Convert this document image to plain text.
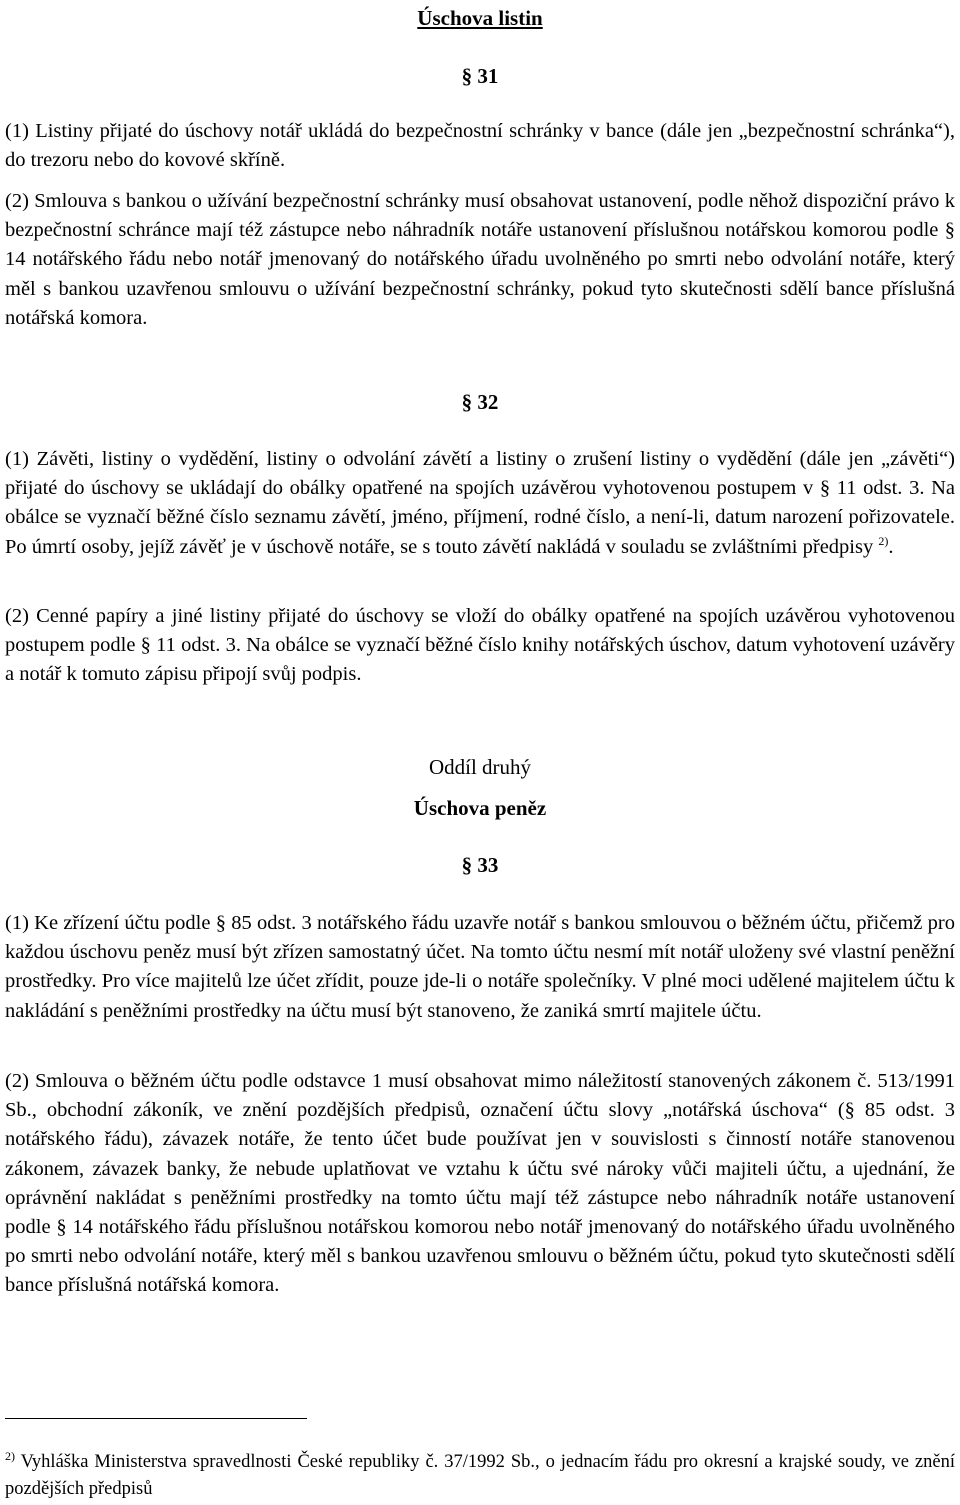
Úschova listin
§ 31

(1) Listiny přijaté do úschovy notář ukládá do bezpečnostní schránky v bance (dále jen „bezpečnostní schránka“), do trezoru nebo do kovové skříně.

(2) Smlouva s bankou o užívání bezpečnostní schránky musí obsahovat ustanovení, podle něhož dispoziční právo k bezpečnostní schránce mají též zástupce nebo náhradník notáře ustanovení příslušnou notářskou komorou podle § 14 notářského řádu nebo notář jmenovaný do notářského úřadu uvolněného po smrti nebo odvolání notáře, který měl s bankou uzavřenou smlouvu o užívání bezpečnostní schránky, pokud tyto skutečnosti sdělí bance příslušná notářská komora.

§ 32

(1) Závěti, listiny o vydědění, listiny o odvolání závětí a listiny o zrušení listiny o vydědění (dále jen „závěti“) přijaté do úschovy se ukládají do obálky opatřené na spojích uzávěrou vyhotovenou postupem v § 11 odst. 3. Na obálce se vyznačí běžné číslo seznamu závětí, jméno, příjmení, rodné číslo, a není-li, datum narození pořizovatele. Po úmrtí osoby, jejíž závěť je v úschově notáře, se s touto závětí nakládá v souladu se zvláštními předpisy $^{2)}$.

(2) Cenné papíry a jiné listiny přijaté do úschovy se vloží do obálky opatřené na spojích uzávěrou vyhotovenou postupem podle § 11 odst. 3. Na obálce se vyznačí běžné číslo knihy notářských úschov, datum vyhotovení uzávěry a notář k tomuto zápisu připojí svůj podpis.

Oddíl druhý
Úschova peněz
§ 33

(1) Ke zřízení účtu podle § 85 odst. 3 notářského řádu uzavře notář s bankou smlouvou o běžném účtu, přičemž pro každou úschovu peněz musí být zřízen samostatný účet. Na tomto účtu nesmí mít notář uloženy své vlastní peněžní prostředky. Pro více majitelů lze účet zřídit, pouze jde-li o notáře společníky. V plné moci udělené majitelem účtu k nakládání s peněžními prostředky na účtu musí být stanoveno, že zaniká smrtí majitele účtu.

(2) Smlouva o běžném účtu podle odstavce 1 musí obsahovat mimo náležitostí stanovených zákonem č. 513/1991 Sb., obchodní zákoník, ve znění pozdějších předpisů, označení účtu slovy „notářská úschova“ (§ 85 odst. 3 notářského řádu), závazek notáře, že tento účet bude používat jen v souvislosti s činností notáře stanovenou zákonem, závazek banky, že nebude uplatňovat ve vztahu k účtu své nároky vůči majiteli účtu, a ujednání, že oprávnění nakládat s peněžními prostředky na tomto účtu mají též zástupce nebo náhradník notáře ustanovení podle § 14 notářského řádu příslušnou notářskou komorou nebo notář jmenovaný do notářského úřadu uvolněného po smrti nebo odvolání notáře, který měl s bankou uzavřenou smlouvu o běžném účtu, pokud tyto skutečnosti sdělí bance příslušná notářská komora.

$^{2)}$ Vyhláška Ministerstva spravedlnosti České republiky č. 37/1992 Sb., o jednacím řádu pro okresní a krajské soudy, ve znění pozdějších předpisů
